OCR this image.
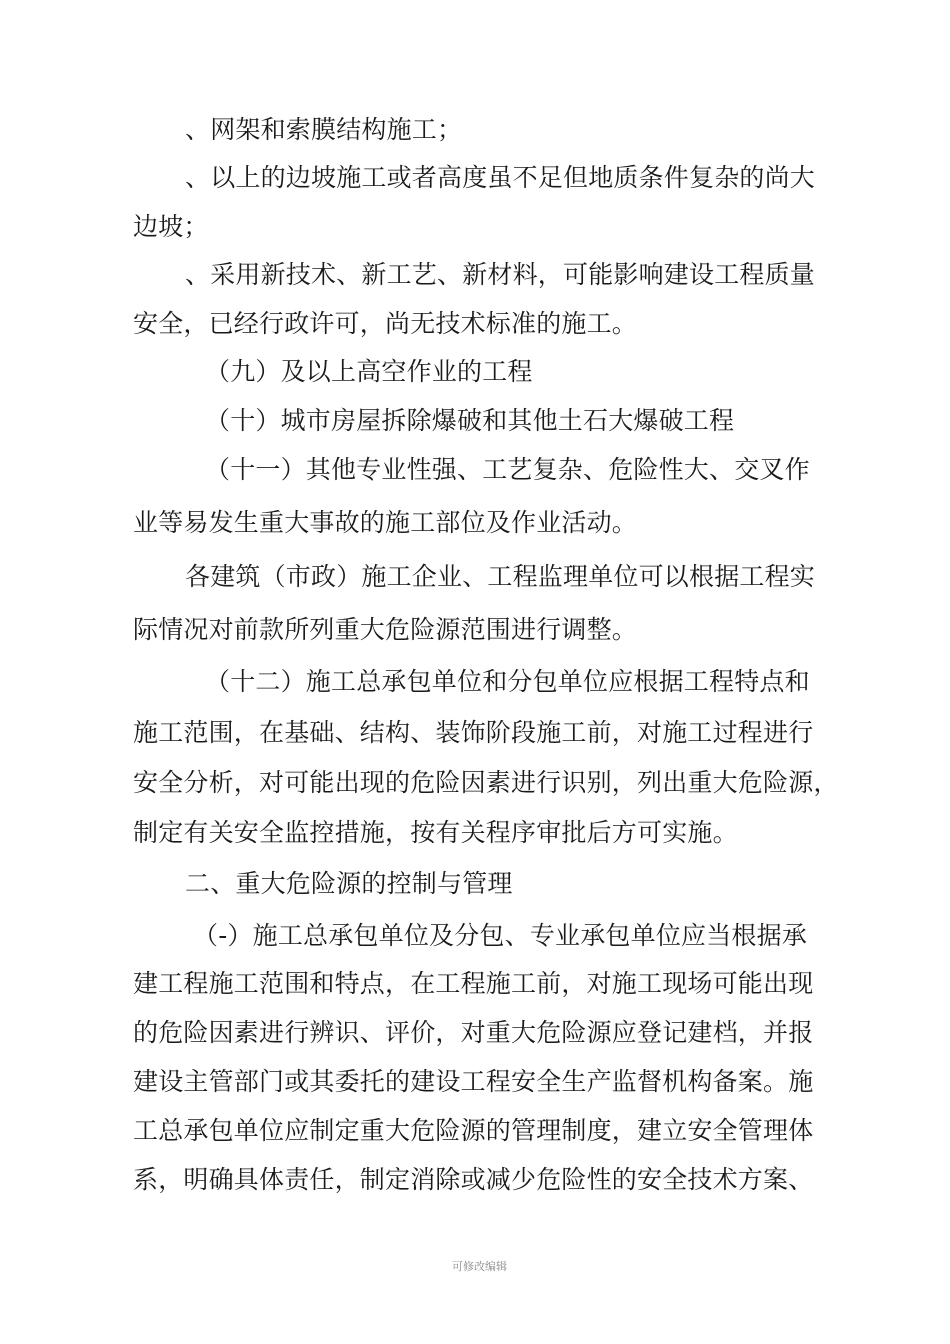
、网架和索膜结构施工；
、以上的边坡施工或者高度虽不足但地质条件复杂的尚大
边坡；
、采用新技术、新工艺、新材料，可能影响建设工程质量
安全，已经行政许可，尚无技术标准的施工。
（九）及以上高空作业的工程
（十）城市房屋拆除爆破和其他土石大爆破工程
（十一）其他专业性强、工艺复杂、危险性大、交叉作
业等易发生重大事故的施工部位及作业活动。
各建筑（市政）施工企业、工程监理单位可以根据工程实
际情况对前款所列重大危险源范围进行调整。
（十二）施工总承包单位和分包单位应根据工程特点和
施工范围，在基础、结构、装饰阶段施工前，对施工过程进行
安全分析，对可能出现的危险因素进行识别，列出重大危险源，
制定有关安全监控措施，按有关程序审批后方可实施。
二、重大危险源的控制与管理
（-）施工总承包单位及分包、专业承包单位应当根据承
建工程施工范围和特点，在工程施工前，对施工现场可能出现
的危险因素进行辨识、评价，对重大危险源应登记建档，并报
建设主管部门或其委托的建设工程安全生产监督机构备案。施
工总承包单位应制定重大危险源的管理制度，建立安全管理体
系，明确具体责任，制定消除或减少危险性的安全技术方案、
可修改编辑
